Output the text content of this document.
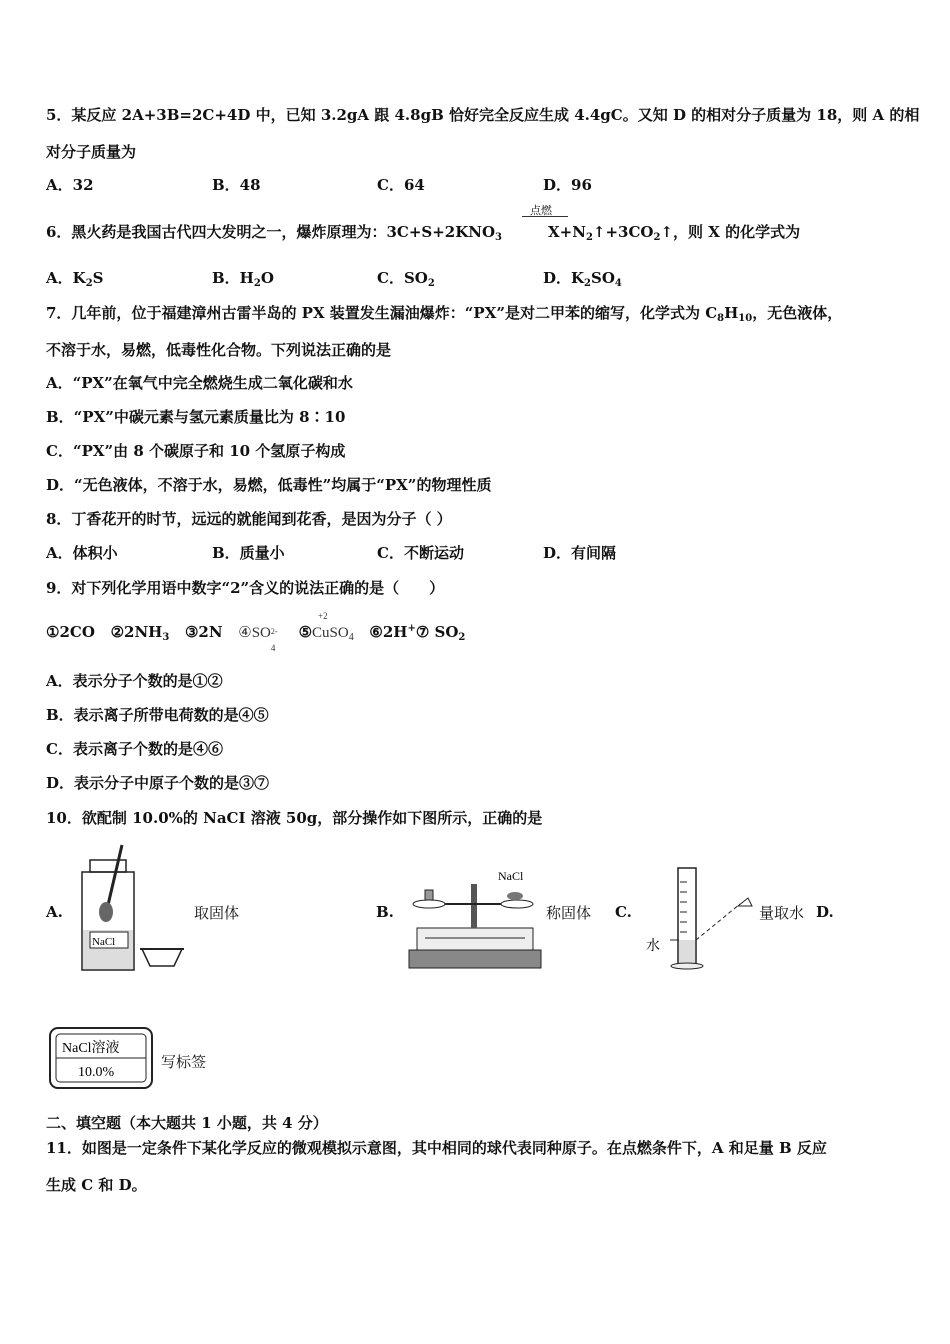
5．某反应 2A+3B=2C+4D 中，已知 3.2gA 跟 4.8gB 恰好完全反应生成 4.4gC。又知 D 的相对分子质量为 18，则 A 的相
对分子质量为
A．32	B．48	C．64	D．96
6．黑火药是我国古代四大发明之一，爆炸原理为：$3C+S+2KNO_3$	$X+N_2↑+3CO_2↑$，则 X 的化学式为
点燃
A．$K_2S$	B．$H_2O$	C．$SO_2$	D．$K_2SO_4$
7．几年前，位于福建漳州古雷半岛的 PX 装置发生漏油爆炸：“PX”是对二甲苯的缩写，化学式为 $C_8H_{10}$，无色液体，
不溶于水，易燃，低毒性化合物。下列说法正确的是
A．“PX”在氧气中完全燃烧生成二氧化碳和水
B．“PX”中碳元素与氢元素质量比为 8∶10
C．“PX”由 8 个碳原子和 10 个氢原子构成
D．“无色液体，不溶于水，易燃，低毒性”均属于“PX”的物理性质
8．丁香花开的时节，远远的就能闻到花香，是因为分子（ ）
A．体积小	B．质量小	C．不断运动	D．有间隔
9．对下列化学用语中数字“2”含义的说法正确的是（　　）
①2CO $②2NH_3$ ③2N ④SO 2-
4
⑤
+2
CuSO$_4$ ⑥2H+⑦ $SO_2$
A．表示分子个数的是①②
B．表示离子所带电荷数的是④⑤
C．表示离子个数的是④⑥
D．表示分子中原子个数的是③⑦
10．欲配制 10.0%的 NaCI 溶液 50g，部分操作如下图所示，正确的是
A.
NaCl
取固体	B.
NaCl
称固体 C.
水
量取水 D.
NaCl溶液
10.0%
写标签
二、填空题（本大题共 1 小题，共 4 分）
11．如图是一定条件下某化学反应的微观模拟示意图，其中相同的球代表同种原子。在点燃条件下，A 和足量 B 反应
生成 C 和 D。
